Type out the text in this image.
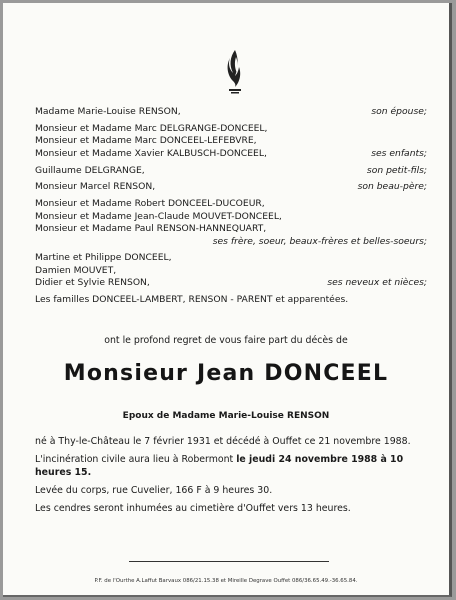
Madame Marie-Louise RENSON,	son épouse;
Monsieur et Madame Marc DELGRANGE-DONCEEL,
Monsieur et Madame Marc DONCEEL-LEFEBVRE,
Monsieur et Madame Xavier KALBUSCH-DONCEEL,	ses enfants;
Guillaume DELGRANGE,	son petit-fils;
Monsieur Marcel RENSON,	son beau-père;
Monsieur et Madame Robert DONCEEL-DUCOEUR,
Monsieur et Madame Jean-Claude MOUVET-DONCEEL,
Monsieur et Madame Paul RENSON-HANNEQUART,
ses frère, soeur, beaux-frères et belles-soeurs;
Martine et Philippe DONCEEL,
Damien MOUVET,
Didier et Sylvie RENSON,	ses neveux et nièces;
Les familles DONCEEL-LAMBERT, RENSON - PARENT et apparentées.
ont le profond regret de vous faire part du décès de
Monsieur Jean DONCEEL
Epoux de Madame Marie-Louise RENSON
né à Thy-le-Château le 7 février 1931 et décédé à Ouffet ce 21 novembre 1988.
L'incinération civile aura lieu à Robermont le jeudi 24 novembre 1988 à 10 heures 15.
Levée du corps, rue Cuvelier, 166 F à 9 heures 30.
Les cendres seront inhumées au cimetière d'Ouffet vers 13 heures.
P.F. de l'Ourthe A.Laffut Barvaux 086/21.15.38 et Mireille Degrave Ouffet 086/36.65.49.-36.65.84.
